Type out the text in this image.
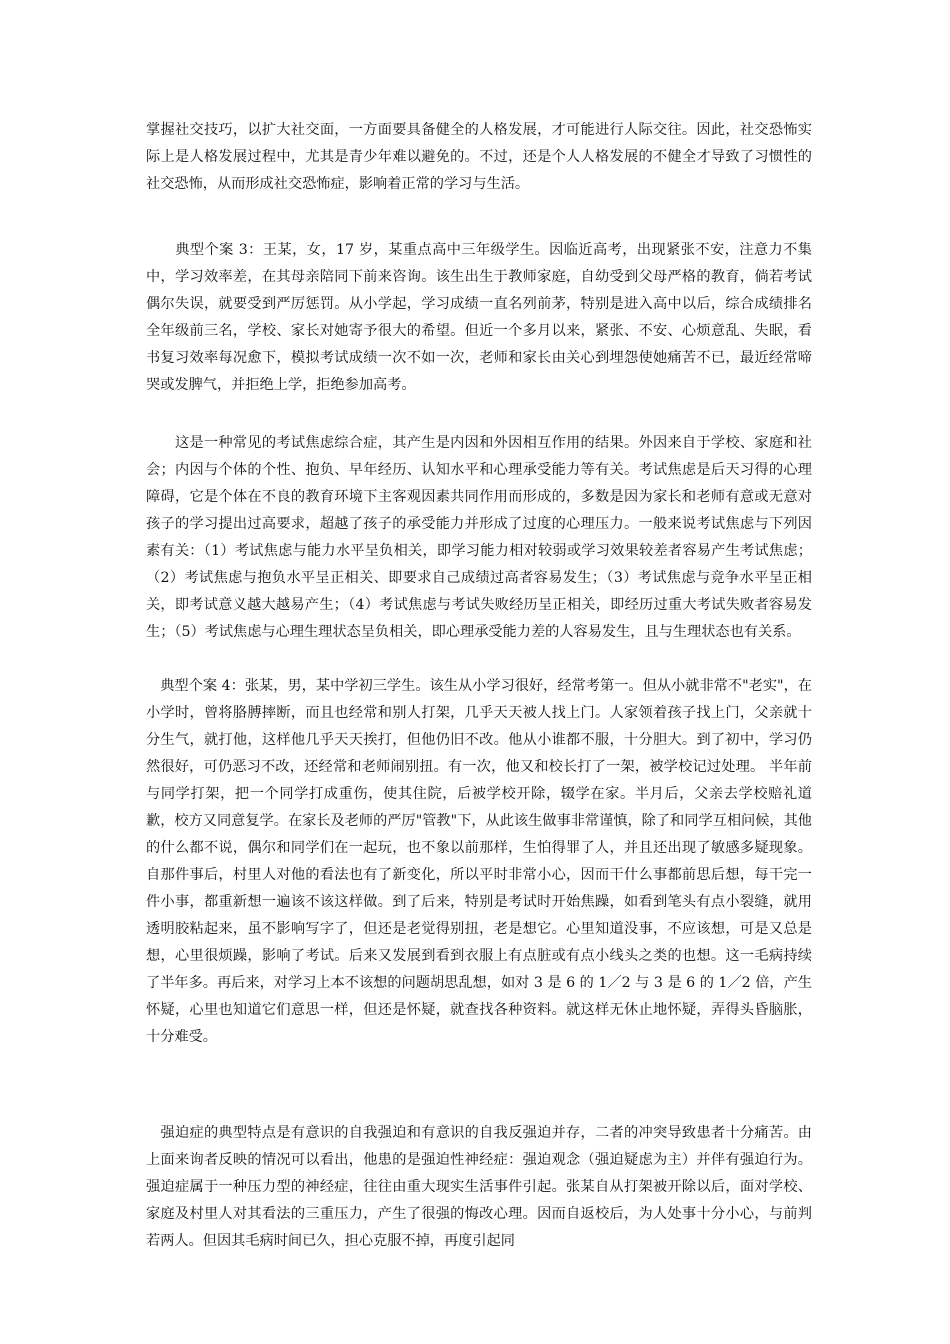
掌握社交技巧，以扩大社交面，一方面要具备健全的人格发展，才可能进行人际交往。因此，社交恐怖实际上是人格发展过程中，尤其是青少年难以避免的。不过，还是个人人格发展的不健全才导致了习惯性的社交恐怖，从而形成社交恐怖症，影响着正常的学习与生活。

　　典型个案 3：王某，女，17 岁，某重点高中三年级学生。因临近高考，出现紧张不安，注意力不集中，学习效率差，在其母亲陪同下前来咨询。该生出生于教师家庭，自幼受到父母严格的教育，倘若考试偶尔失误，就要受到严厉惩罚。从小学起，学习成绩一直名列前茅，特别是进入高中以后，综合成绩排名全年级前三名，学校、家长对她寄予很大的希望。但近一个多月以来，紧张、不安、心烦意乱、失眠，看书复习效率每况愈下，模拟考试成绩一次不如一次，老师和家长由关心到埋怨使她痛苦不已，最近经常啼哭或发脾气，并拒绝上学，拒绝参加高考。

　　这是一种常见的考试焦虑综合症，其产生是内因和外因相互作用的结果。外因来自于学校、家庭和社会；内因与个体的个性、抱负、早年经历、认知水平和心理承受能力等有关。考试焦虑是后天习得的心理障碍，它是个体在不良的教育环境下主客观因素共同作用而形成的，多数是因为家长和老师有意或无意对孩子的学习提出过高要求，超越了孩子的承受能力并形成了过度的心理压力。一般来说考试焦虑与下列因素有关：（1）考试焦虑与能力水平呈负相关，即学习能力相对较弱或学习效果较差者容易产生考试焦虑；（2）考试焦虑与抱负水平呈正相关、即要求自己成绩过高者容易发生；（3）考试焦虑与竞争水平呈正相关，即考试意义越大越易产生；（4）考试焦虑与考试失败经历呈正相关，即经历过重大考试失败者容易发生；（5）考试焦虑与心理生理状态呈负相关，即心理承受能力差的人容易发生，且与生理状态也有关系。

　典型个案 4：张某，男，某中学初三学生。该生从小学习很好，经常考第一。但从小就非常不"老实"，在小学时，曾将胳膊摔断，而且也经常和别人打架，几乎天天被人找上门。人家领着孩子找上门，父亲就十分生气，就打他，这样他几乎天天挨打，但他仍旧不改。他从小谁都不服，十分胆大。到了初中，学习仍然很好，可仍恶习不改，还经常和老师闹别扭。有一次，他又和校长打了一架，被学校记过处理。 半年前与同学打架，把一个同学打成重伤，使其住院，后被学校开除，辍学在家。半月后，父亲去学校赔礼道歉，校方又同意复学。在家长及老师的严厉"管教"下，从此该生做事非常谨慎，除了和同学互相问候，其他的什么都不说，偶尔和同学们在一起玩，也不象以前那样，生怕得罪了人，并且还出现了敏感多疑现象。自那件事后，村里人对他的看法也有了新变化，所以平时非常小心，因而干什么事都前思后想，每干完一件小事，都重新想一遍该不该这样做。到了后来，特别是考试时开始焦躁，如看到笔头有点小裂缝，就用透明胶粘起来，虽不影响写字了，但还是老觉得别扭，老是想它。心里知道没事，不应该想，可是又总是想，心里很烦躁，影响了考试。后来又发展到看到衣服上有点脏或有点小线头之类的也想。这一毛病持续了半年多。再后来，对学习上本不该想的问题胡思乱想，如对 3 是 6 的 1／2 与 3 是 6 的 1／2 倍，产生怀疑，心里也知道它们意思一样，但还是怀疑，就查找各种资料。就这样无休止地怀疑，弄得头昏脑胀，十分难受。

　强迫症的典型特点是有意识的自我强迫和有意识的自我反强迫并存，二者的冲突导致患者十分痛苦。由上面来询者反映的情况可以看出，他患的是强迫性神经症：强迫观念（强迫疑虑为主）并伴有强迫行为。强迫症属于一种压力型的神经症，往往由重大现实生活事件引起。张某自从打架被开除以后，面对学校、家庭及村里人对其看法的三重压力，产生了很强的悔改心理。因而自返校后，为人处事十分小心，与前判若两人。但因其毛病时间已久，担心克服不掉，再度引起同
